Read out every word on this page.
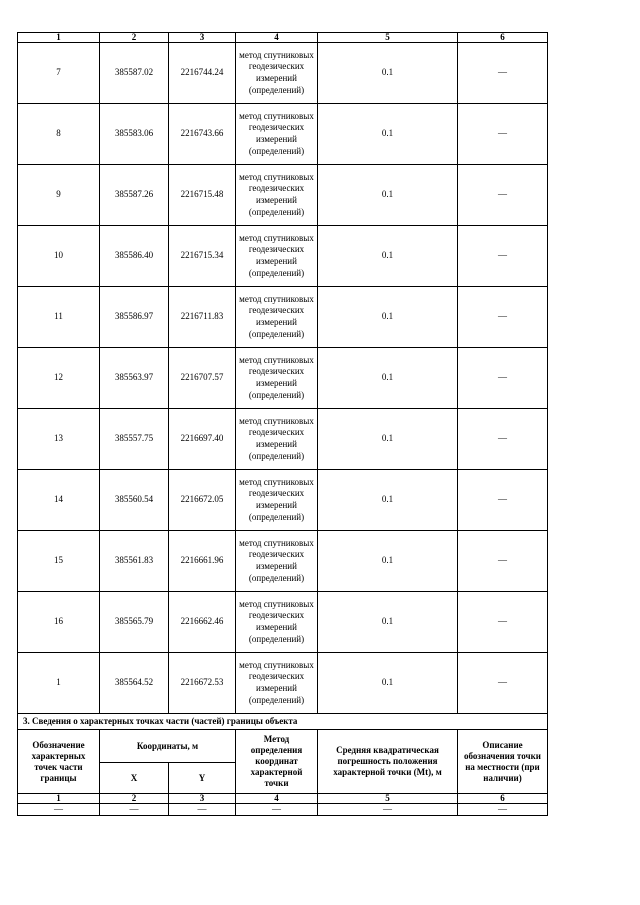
1	2	3	4	5	6
7	385587.02	2216744.24	метод спутниковых геодезических измерений (определений)	0.1	—
8	385583.06	2216743.66	метод спутниковых геодезических измерений (определений)	0.1	—
9	385587.26	2216715.48	метод спутниковых геодезических измерений (определений)	0.1	—
10	385586.40	2216715.34	метод спутниковых геодезических измерений (определений)	0.1	—
11	385586.97	2216711.83	метод спутниковых геодезических измерений (определений)	0.1	—
12	385563.97	2216707.57	метод спутниковых геодезических измерений (определений)	0.1	—
13	385557.75	2216697.40	метод спутниковых геодезических измерений (определений)	0.1	—
14	385560.54	2216672.05	метод спутниковых геодезических измерений (определений)	0.1	—
15	385561.83	2216661.96	метод спутниковых геодезических измерений (определений)	0.1	—
16	385565.79	2216662.46	метод спутниковых геодезических измерений (определений)	0.1	—
1	385564.52	2216672.53	метод спутниковых геодезических измерений (определений)	0.1	—
3. Сведения о характерных точках части (частей) границы объекта					
Обозначение характерных точек части границы	Координаты, м		Метод определения координат характерной точки	Средняя квадратическая погрешность положения характерной точки (Mt), м	Описание обозначения точки на местности (при наличии)
	X	Y			
1	2	3	4	5	6
—	—	—	—	—	—
